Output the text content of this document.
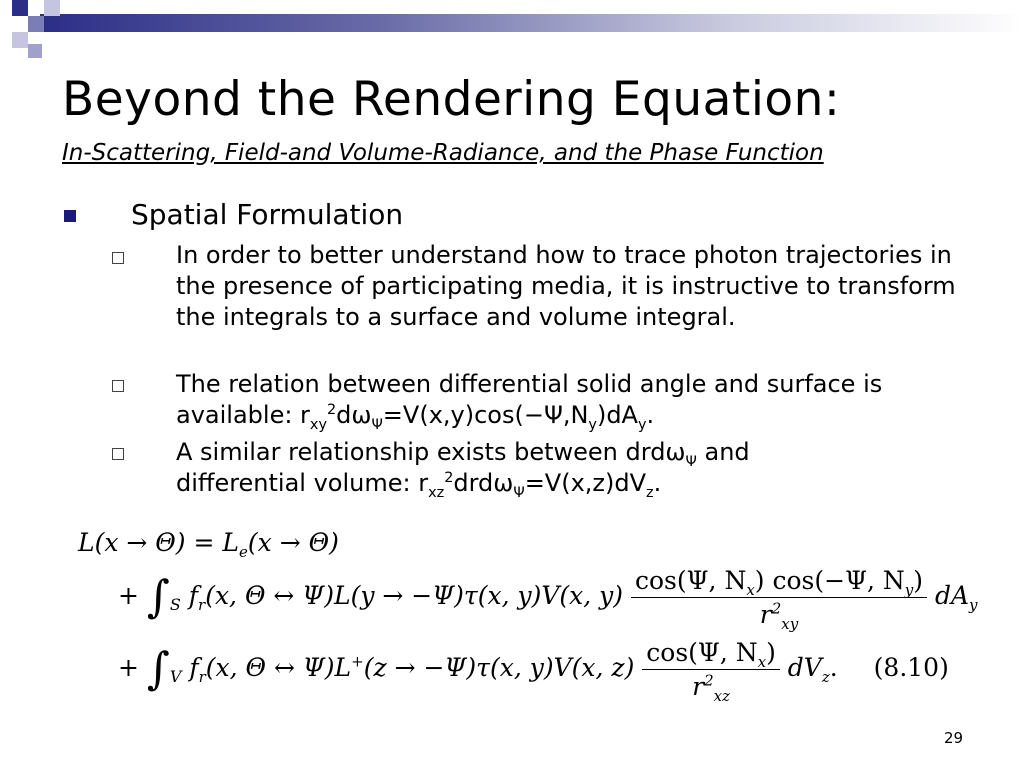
Beyond the Rendering Equation:

In-Scattering, Field-and Volume-Radiance, and the Phase Function

Spatial Formulation
In order to better understand how to trace photon trajectories in the presence of participating media, it is instructive to transform the integrals to a surface and volume integral.
The relation between differential solid angle and surface is available: $r_{xy}^2d\omega_\Psi=V(x,y)\cos(-\Psi,N_y)dA_y$.
A similar relationship exists between drdω$_\Psi$ and
differential volume: $r_{xz}^2drd\omega_\Psi=V(x,z)dV_z$.
$L(x \to \Theta) = L_e(x \to \Theta)$
+ $\int_S$ $f_r(x$, Θ ↔ Ψ)L(y → −Ψ)τ(x, y)V(x, $y) \frac{\cos(\Psi, N_x) \cos(-\Psi, N_y)}{r^2_{xy}} dA_y$
+ $\int_V$ $f_r(x$, Θ ↔ Ψ)L+(z → −Ψ)τ(x, y)V(x, $z) \frac{\cos(\Psi, N_x)}{r^2_{xz}} dV_z$. (8.10)
29
